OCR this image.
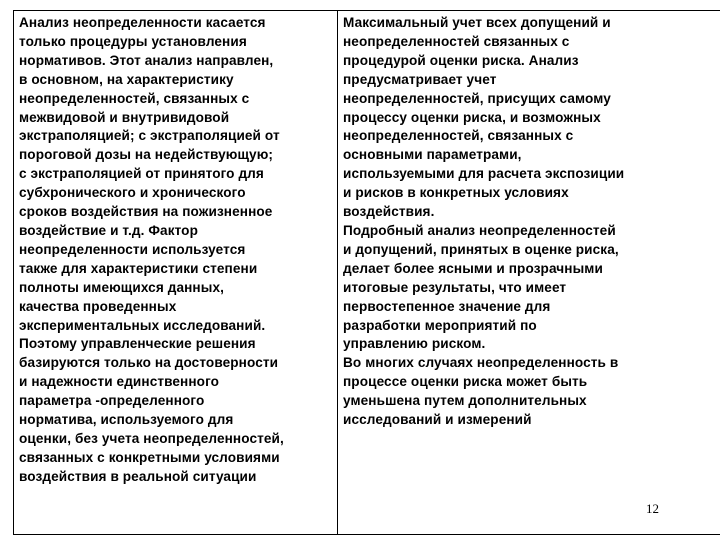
Анализ неопределенности касается
только процедуры установления
нормативов. Этот анализ направлен,
в основном, на характеристику
неопределенностей, связанных с
межвидовой и внутривидовой
экстраполяцией; с экстраполяцией от
пороговой дозы на недействующую;
с экстраполяцией от принятого для
субхронического и хронического
сроков воздействия на пожизненное
воздействие и т.д. Фактор
неопределенности используется
также для характеристики степени
полноты имеющихся данных,
качества проведенных
экспериментальных исследований.
Поэтому управленческие решения
базируются только на достоверности
и надежности единственного
параметра -определенного
норматива, используемого для
оценки, без учета неопределенностей,
связанных с конкретными условиями
воздействия в реальной ситуации

Максимальный учет всех допущений и
неопределенностей связанных с
процедурой оценки риска. Анализ
предусматривает учет
неопределенностей, присущих самому
процессу оценки риска, и возможных
неопределенностей, связанных с
основными параметрами,
используемыми для расчета экспозиции
и рисков в конкретных условиях
воздействия.
Подробный анализ неопределенностей
и допущений, принятых в оценке риска,
делает более ясными и прозрачными
итоговые результаты, что имеет
первостепенное значение для
разработки мероприятий по
управлению риском.
Во многих случаях неопределенность в
процессе оценки риска может быть
уменьшена путем дополнительных
исследований и измерений
12
